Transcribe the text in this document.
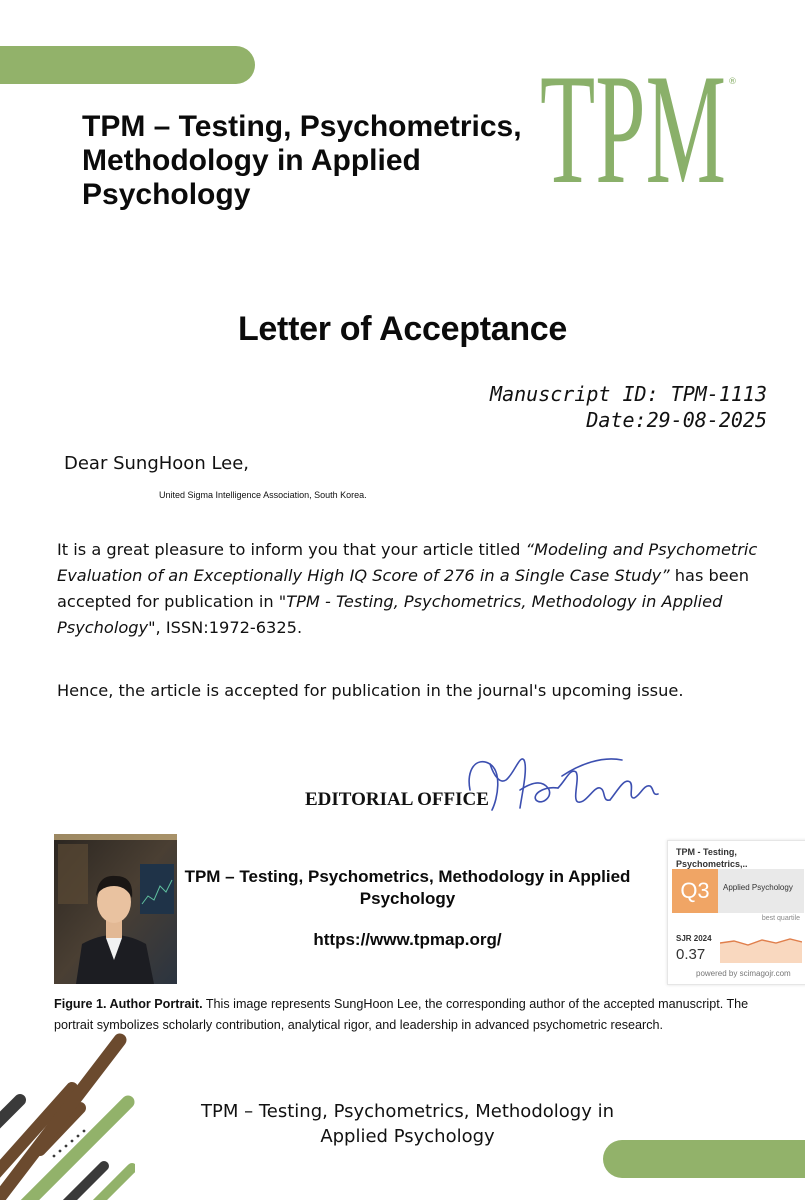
TPM ®
TPM – Testing, Psychometrics, Methodology in Applied Psychology
Letter of Acceptance
Manuscript ID: TPM-1113
Date:29-08-2025
Dear SungHoon Lee,
United Sigma Intelligence Association, South Korea.
It is a great pleasure to inform you that your article titled “Modeling and Psychometric Evaluation of an Exceptionally High IQ Score of 276 in a Single Case Study” has been accepted for publication in "TPM - Testing, Psychometrics, Methodology in Applied Psychology", ISSN:1972-6325.
Hence, the article is accepted for publication in the journal's upcoming issue.
EDITORIAL OFFICE
TPM – Testing, Psychometrics, Methodology in Applied Psychology
https://www.tpmap.org/
TPM - Testing, Psychometrics,..
Q3	Applied Psychology
best quartile
SJR 2024
0.37
powered by scimagojr.com
Figure 1. Author Portrait. This image represents SungHoon Lee, the corresponding author of the accepted manuscript. The portrait symbolizes scholarly contribution, analytical rigor, and leadership in advanced psychometric research.
TPM – Testing, Psychometrics, Methodology in Applied Psychology
